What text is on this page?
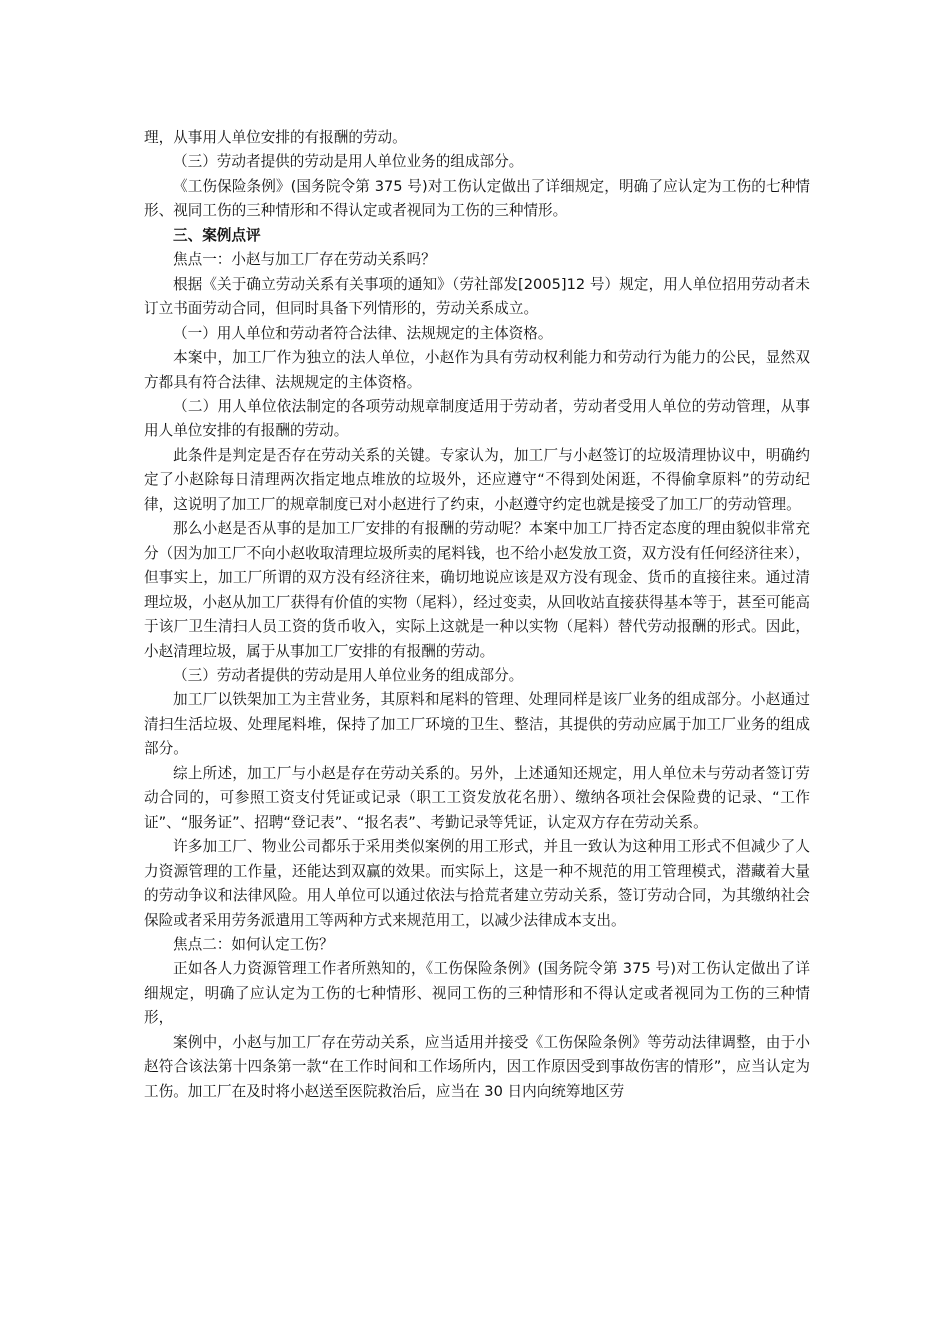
理，从事用人单位安排的有报酬的劳动。

（三）劳动者提供的劳动是用人单位业务的组成部分。

《工伤保险条例》(国务院令第 375 号)对工伤认定做出了详细规定，明确了应认定为工伤的七种情形、视同工伤的三种情形和不得认定或者视同为工伤的三种情形。

三、案例点评

焦点一：小赵与加工厂存在劳动关系吗？

根据《关于确立劳动关系有关事项的通知》（劳社部发[2005]12 号）规定，用人单位招用劳动者未订立书面劳动合同，但同时具备下列情形的，劳动关系成立。

（一）用人单位和劳动者符合法律、法规规定的主体资格。

本案中，加工厂作为独立的法人单位，小赵作为具有劳动权利能力和劳动行为能力的公民，显然双方都具有符合法律、法规规定的主体资格。

（二）用人单位依法制定的各项劳动规章制度适用于劳动者，劳动者受用人单位的劳动管理，从事用人单位安排的有报酬的劳动。

此条件是判定是否存在劳动关系的关键。专家认为，加工厂与小赵签订的垃圾清理协议中，明确约定了小赵除每日清理两次指定地点堆放的垃圾外，还应遵守“不得到处闲逛，不得偷拿原料”的劳动纪律，这说明了加工厂的规章制度已对小赵进行了约束，小赵遵守约定也就是接受了加工厂的劳动管理。

那么小赵是否从事的是加工厂安排的有报酬的劳动呢？本案中加工厂持否定态度的理由貌似非常充分（因为加工厂不向小赵收取清理垃圾所卖的尾料钱，也不给小赵发放工资，双方没有任何经济往来），但事实上，加工厂所谓的双方没有经济往来，确切地说应该是双方没有现金、货币的直接往来。通过清理垃圾，小赵从加工厂获得有价值的实物（尾料），经过变卖，从回收站直接获得基本等于，甚至可能高于该厂卫生清扫人员工资的货币收入，实际上这就是一种以实物（尾料）替代劳动报酬的形式。因此，小赵清理垃圾，属于从事加工厂安排的有报酬的劳动。

（三）劳动者提供的劳动是用人单位业务的组成部分。

加工厂以铁架加工为主营业务，其原料和尾料的管理、处理同样是该厂业务的组成部分。小赵通过清扫生活垃圾、处理尾料堆，保持了加工厂环境的卫生、整洁，其提供的劳动应属于加工厂业务的组成部分。

综上所述，加工厂与小赵是存在劳动关系的。另外，上述通知还规定，用人单位未与劳动者签订劳动合同的，可参照工资支付凭证或记录（职工工资发放花名册）、缴纳各项社会保险费的记录、“工作证”、“服务证”、招聘“登记表”、“报名表”、考勤记录等凭证，认定双方存在劳动关系。

许多加工厂、物业公司都乐于采用类似案例的用工形式，并且一致认为这种用工形式不但减少了人力资源管理的工作量，还能达到双赢的效果。而实际上，这是一种不规范的用工管理模式，潜藏着大量的劳动争议和法律风险。用人单位可以通过依法与拾荒者建立劳动关系，签订劳动合同，为其缴纳社会保险或者采用劳务派遣用工等两种方式来规范用工，以减少法律成本支出。

焦点二：如何认定工伤？

正如各人力资源管理工作者所熟知的，《工伤保险条例》(国务院令第 375 号)对工伤认定做出了详细规定，明确了应认定为工伤的七种情形、视同工伤的三种情形和不得认定或者视同为工伤的三种情形，

案例中，小赵与加工厂存在劳动关系，应当适用并接受《工伤保险条例》等劳动法律调整，由于小赵符合该法第十四条第一款“在工作时间和工作场所内，因工作原因受到事故伤害的情形”，应当认定为工伤。加工厂在及时将小赵送至医院救治后，应当在 30 日内向统筹地区劳
